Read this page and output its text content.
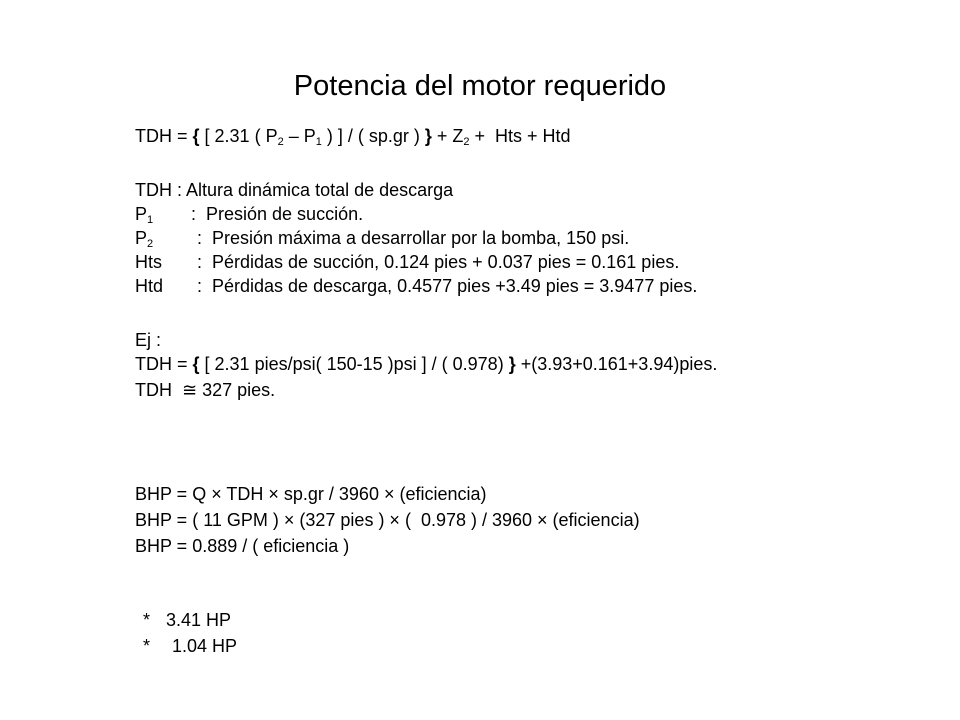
Potencia del motor requerido
TDH = { [ 2.31 ( $P_2 - P_1$ ) ] / ( sp.gr ) } + $Z_2$ +  Hts + Htd
TDH : Altura dinámica total de descarga
$P_1$ :  Presión de succión.
$P_2$ :  Presión máxima a desarrollar por la bomba, 150 psi.
Hts :  Pérdidas de succión, 0.124 pies + 0.037 pies = 0.161 pies.
Htd :  Pérdidas de descarga, 0.4577 pies +3.49 pies = 3.9477 pies.
Ej :
TDH = { [ 2.31 pies/psi( 150-15 )psi ] / ( 0.978) } +(3.93+0.161+3.94)pies.
TDH  ≅ 327 pies.
BHP = Q × TDH × sp.gr / 3960 × (eficiencia)
BHP = ( 11 GPM ) × (327 pies ) × (  0.978 ) / 3960 × (eficiencia)
BHP = 0.889 / ( eficiencia )
* 3.41 HP
* 1.04 HP
